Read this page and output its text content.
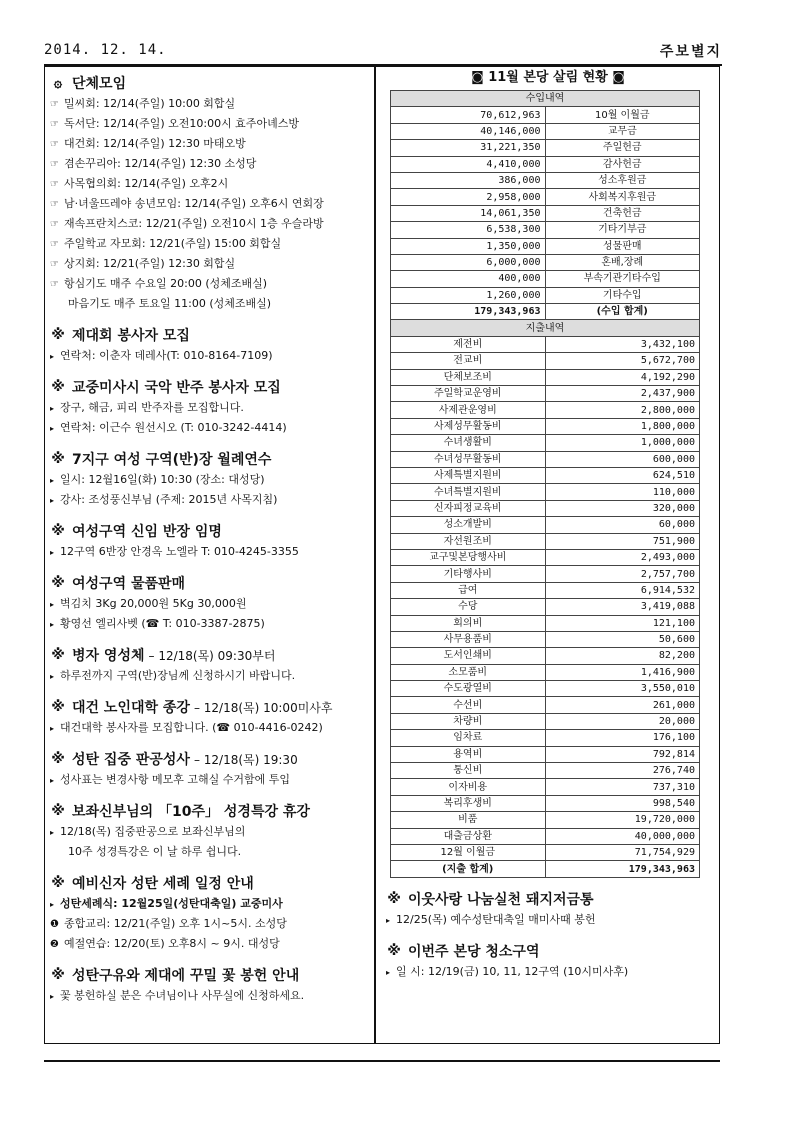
2014. 12. 14.	주보별지
۞ 단체모임
☞ 밀씨회: 12/14(주일) 10:00 회합실
☞ 독서단: 12/14(주일) 오전10:00시 효주아녜스방
☞ 대건회: 12/14(주일) 12:30 마태오방
☞ 겸손꾸리아: 12/14(주일) 12:30 소성당
☞ 사목협의회: 12/14(주일) 오후2시
☞ 남·녀울뜨레야 송년모임: 12/14(주일) 오후6시 연회장
☞ 재속프란치스코: 12/21(주일) 오전10시 1층 우슬라방
☞ 주일학교 자모회: 12/21(주일) 15:00 회합실
☞ 상지회: 12/21(주일) 12:30 회합실
☞ 항심기도 매주 수요일 20:00 (성체조배실)
마음기도 매주 토요일 11:00 (성체조배실)
※ 제대회 봉사자 모집
▸ 연락처: 이춘자 데레사(T: 010-8164-7109)
※ 교중미사시 국악 반주 봉사자 모집
▸ 장구, 해금, 피리 반주자를 모집합니다.
▸ 연락처: 이근수 원선시오 (T: 010-3242-4414)
※ 7지구 여성 구역(반)장 월례연수
▸ 일시: 12월16일(화) 10:30 (장소: 대성당)
▸ 강사: 조성풍신부님 (주제: 2015년 사목지침)
※ 여성구역 신임 반장 임명
▸ 12구역 6반장 안경옥 노엘라 T: 010-4245-3355
※ 여성구역 물품판매
▸ 벽김치 3Kg 20,000원 5Kg 30,000원
▸ 황영선 엘리사벳 (☎ T: 010-3387-2875)
※ 병자 영성체 – 12/18(목) 09:30부터
▸ 하루전까지 구역(반)장님께 신청하시기 바랍니다.
※ 대건 노인대학 종강 – 12/18(목) 10:00미사후
▸ 대건대학 봉사자를 모집합니다. (☎ 010-4416-0242)
※ 성탄 집중 판공성사 – 12/18(목) 19:30
▸ 성사표는 변경사항 메모후 고해실 수거함에 투입
※ 보좌신부님의 「10주」 성경특강 휴강
▸ 12/18(목) 집중판공으로 보좌신부님의
10주 성경특강은 이 날 하루 쉽니다.
※ 예비신자 성탄 세례 일정 안내
▸ 성탄세례식: 12월25일(성탄대축일) 교중미사
❶ 종합교리: 12/21(주일) 오후 1시~5시. 소성당
❷ 예절연습: 12/20(토) 오후8시 ~ 9시. 대성당
※ 성탄구유와 제대에 꾸밀 꽃 봉헌 안내
▸ 꽃 봉헌하실 분은 수녀님이나 사무실에 신청하세요.
◙ 11월 본당 살림 현황 ◙
수입내역	
70,612,963	10월 이월금
40,146,000	교무금
31,221,350	주일헌금
4,410,000	감사헌금
386,000	성소후원금
2,958,000	사회복지후원금
14,061,350	건축헌금
6,538,300	기타기부금
1,350,000	성물판매
6,000,000	혼배,장례
400,000	부속기관기타수입
1,260,000	기타수입
179,343,963	(수입 합계)
지출내역	
제전비	3,432,100
전교비	5,672,700
단체보조비	4,192,290
주일학교운영비	2,437,900
사제관운영비	2,800,000
사제성무활동비	1,800,000
수녀생활비	1,000,000
수녀성무활동비	600,000
사제특별지원비	624,510
수녀특별지원비	110,000
신자피정교육비	320,000
성소개발비	60,000
자선원조비	751,900
교구및본당행사비	2,493,000
기타행사비	2,757,700
급여	6,914,532
수당	3,419,088
회의비	121,100
사무용품비	50,600
도서인쇄비	82,200
소모품비	1,416,900
수도광열비	3,550,010
수선비	261,000
차량비	20,000
임차료	176,100
용역비	792,814
통신비	276,740
이자비용	737,310
복리후생비	998,540
비품	19,720,000
대출금상환	40,000,000
12월 이월금	71,754,929
(지출 합계)	179,343,963
※ 이웃사랑 나눔실천 돼지저금통
▸ 12/25(목) 예수성탄대축일 매미사때 봉헌
※ 이번주 본당 청소구역
▸ 일 시: 12/19(금) 10, 11, 12구역 (10시미사후)
